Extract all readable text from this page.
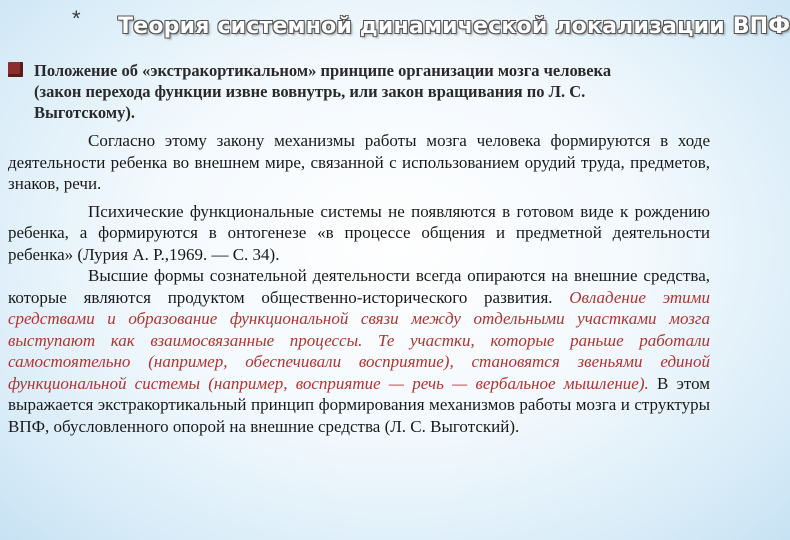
* Теория системной динамической локализации ВПФ
Положение об «экстракортикальном» принципе организации мозга человека (закон перехода функции извне вовнутрь, или закон вращивания по Л. С. Выготскому).

Согласно этому закону механизмы работы мозга человека формируются в ходе деятельности ребенка во внешнем мире, связанной с использованием орудий труда, предметов, знаков, речи.

Психические функциональные системы не появляются в готовом виде к рождению ребенка, а формируются в онтогенезе «в процессе общения и предметной деятельности ребенка» (Лурия А. Р.,1969. — С. 34).

Высшие формы сознательной деятельности всегда опираются на внешние средства, которые являются продуктом общественно-исторического развития. Овладение этими средствами и образование функциональной связи между отдельными участками мозга выступают как взаимосвязанные процессы. Те участки, которые раньше работали самостоятельно (например, обеспечивали восприятие), становятся звеньями единой функциональной системы (например, восприятие — речь — вербальное мышление). В этом выражается экстракортикальный принцип формирования механизмов работы мозга и структуры ВПФ, обусловленного опорой на внешние средства (Л. С. Выготский).
